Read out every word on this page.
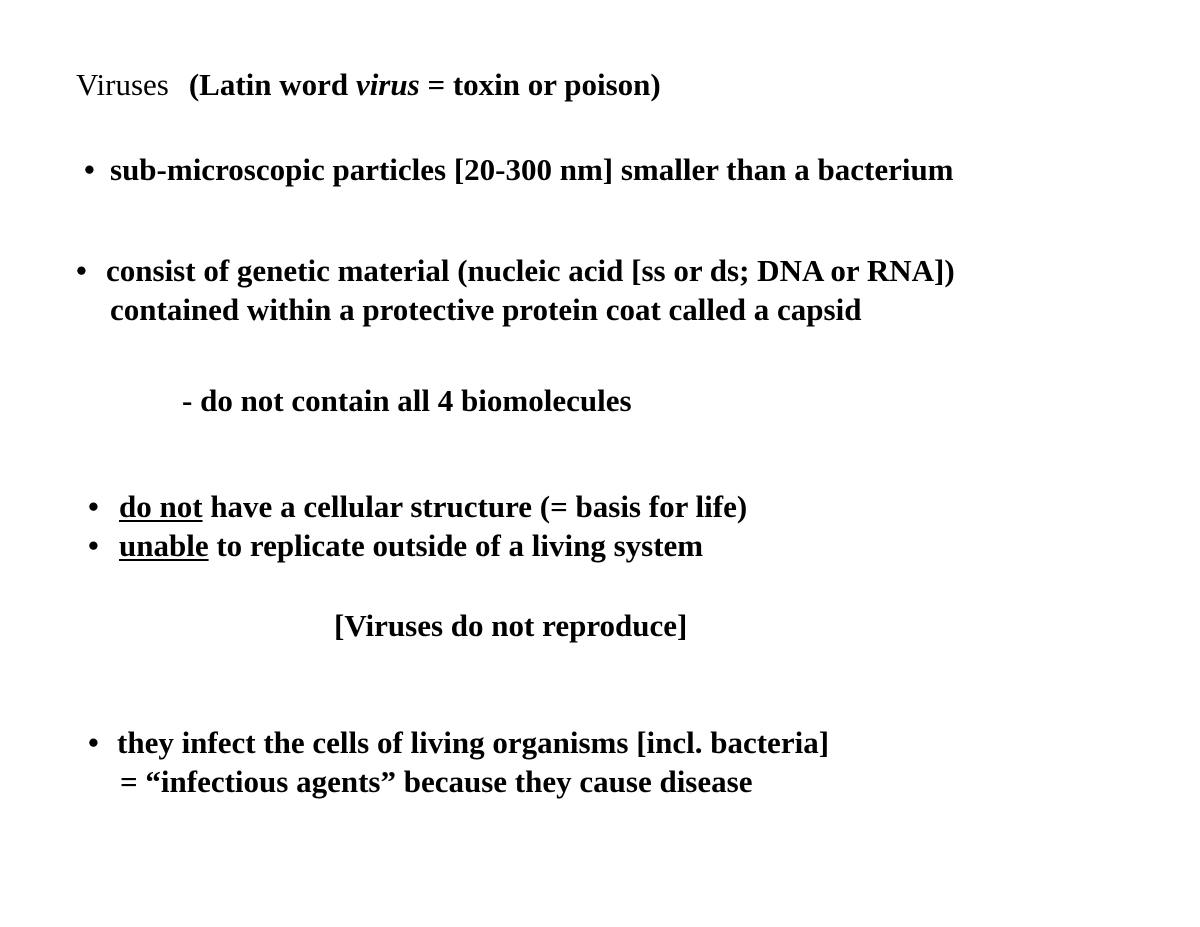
Viruses (Latin word virus = toxin or poison)
• sub-microscopic particles [20-300 nm] smaller than a bacterium
• consist of genetic material (nucleic acid [ss or ds; DNA or RNA])
contained within a protective protein coat called a capsid
- do not contain all 4 biomolecules
• do not have a cellular structure (= basis for life)
• unable to replicate outside of a living system
[Viruses do not reproduce]
• they infect the cells of living organisms [incl. bacteria]
= “infectious agents” because they cause disease
